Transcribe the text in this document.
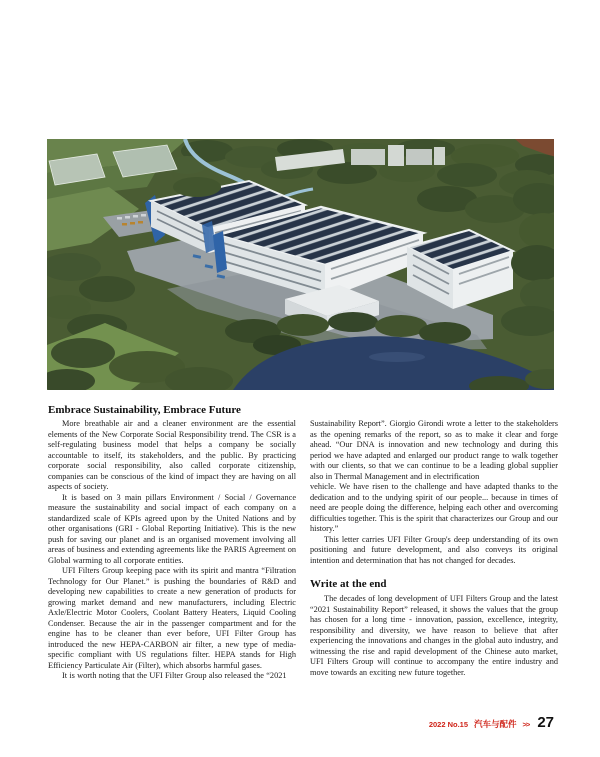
Embrace Sustainability, Embrace Future

More breathable air and a cleaner environment are the essential elements of the New Corporate Social Responsibility trend. The CSR is a self-regulating business model that helps a company be socially accountable to itself, its stakeholders, and the public. By practicing corporate social responsibility, also called corporate citizenship, companies can be conscious of the kind of impact they are having on all aspects of society.

It is based on 3 main pillars Environment / Social / Governance measure the sustainability and social impact of each company on a standardized scale of KPIs agreed upon by the United Nations and by other organisations (GRI - Global Reporting Initiative). This is the new push for saving our planet and is an organised movement involving all areas of business and extending agreements like the PARIS Agreement on Global warming to all corporate entities.

UFI Filters Group keeping pace with its spirit and mantra “Filtration Technology for Our Planet.” is pushing the boundaries of R&D and developing new capabilities to create a new generation of products for growing market demand and new manufacturers, including Electric Axle/Electric Motor Coolers, Coolant Battery Heaters, Liquid Cooling Condenser. Because the air in the passenger compartment and for the engine has to be cleaner than ever before, UFI Filter Group has introduced the new HEPA-CARBON air filter, a new type of media-specific compliant with US regulations filter. HEPA stands for High Efficiency Particulate Air (Filter), which absorbs harmful gases.

It is worth noting that the UFI Filter Group also released the “2021

Sustainability Report”. Giorgio Girondi wrote a letter to the stakeholders as the opening remarks of the report, so as to make it clear and forge ahead. “Our DNA is innovation and new technology and during this period we have adapted and enlarged our product range to walk together with our clients, so that we can continue to be a leading global supplier also in Thermal Management and in electrification

vehicle. We have risen to the challenge and have adapted thanks to the dedication and to the undying spirit of our people... because in times of need are people doing the difference, helping each other and overcoming difficulties together. This is the spirit that characterizes our Group and our history.”

This letter carries UFI Filter Group's deep understanding of its own positioning and future development, and also conveys its original intention and determination that has not changed for decades.

Write at the end

The decades of long development of UFI Filters Group and the latest “2021 Sustainability Report” released, it shows the values that the group has chosen for a long time - innovation, passion, excellence, integrity, responsibility and diversity, we have reason to believe that after experiencing the innovations and changes in the global auto industry, and witnessing the rise and rapid development of the Chinese auto market, UFI Filters Group will continue to accompany the entire industry and move towards an exciting new future together.

2022 No.15 汽车与配件 >> 27
